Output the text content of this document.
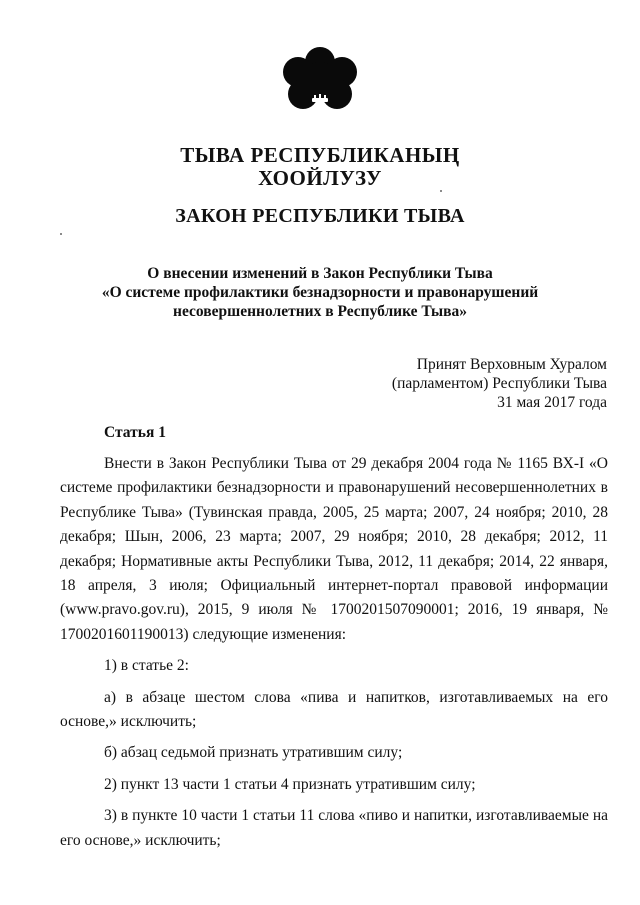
ТЫВА РЕСПУБЛИКАНЫҢ
ХООЙЛУЗУ
ЗАКОН РЕСПУБЛИКИ ТЫВА
О внесении изменений в Закон Республики Тыва
«О системе профилактики безнадзорности и правонарушений
несовершеннолетних в Республике Тыва»
Принят Верховным Хуралом
(парламентом) Республики Тыва
31 мая 2017 года
Статья 1

Внести в Закон Республики Тыва от 29 декабря 2004 года № 1165 ВХ-I «О системе профилактики безнадзорности и правонарушений несовершеннолетних в Республике Тыва» (Тувинская правда, 2005, 25 марта; 2007, 24 ноября; 2010, 28 декабря; Шын, 2006, 23 марта; 2007, 29 ноября; 2010, 28 декабря; 2012, 11 декабря; Нормативные акты Республики Тыва, 2012, 11 декабря; 2014, 22 января, 18 апреля, 3 июля; Официальный интернет-портал правовой информации (www.pravo.gov.ru), 2015, 9 июля № 1700201507090001; 2016, 19 января, № 1700201601190013) следующие изменения:

1) в статье 2:

а) в абзаце шестом слова «пива и напитков, изготавливаемых на его основе,» исключить;

б) абзац седьмой признать утратившим силу;

2) пункт 13 части 1 статьи 4 признать утратившим силу;

3) в пункте 10 части 1 статьи 11 слова «пиво и напитки, изготавливаемые на его основе,» исключить;
